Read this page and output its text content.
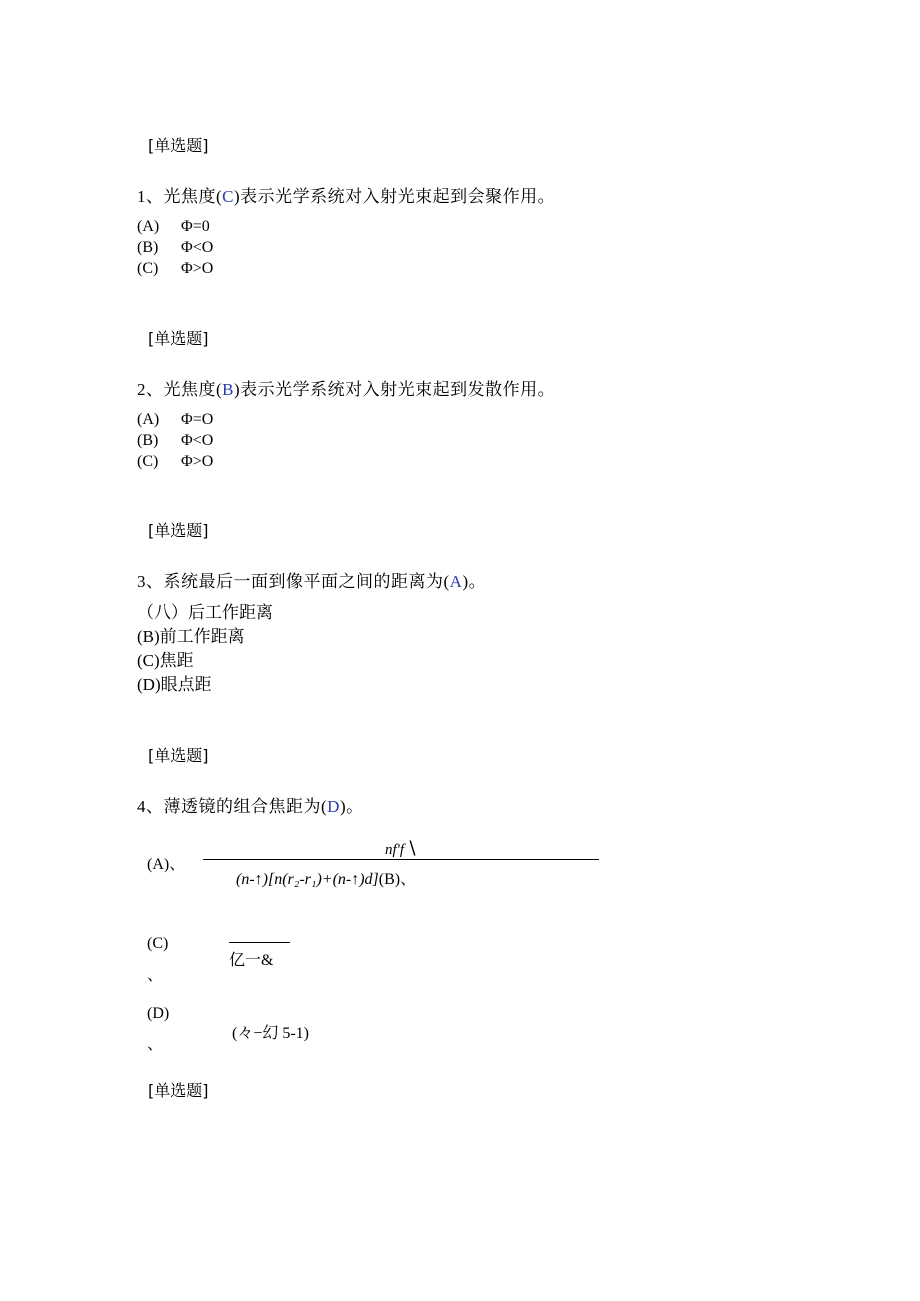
[单选题]
1、光焦度(C)表示光学系统对入射光束起到会聚作用。
(A) Φ=0
(B) Φ<O
(C) Φ>O
[单选题]
2、光焦度(B)表示光学系统对入射光束起到发散作用。
(A) Φ=O
(B) Φ<O
(C) Φ>O
[单选题]
3、系统最后一面到像平面之间的距离为(A)。
（八）后工作距离
(B)前工作距离
(C)焦距
(D)眼点距
[单选题]
4、薄透镜的组合焦距为(D)。
(A)、
nf'f ∖
(n-↑)[n(r₂-r₁)+(n-↑)d](B)、
(C)
、
亿一&
(D)
、
(々−幻 5-1)
[单选题]
